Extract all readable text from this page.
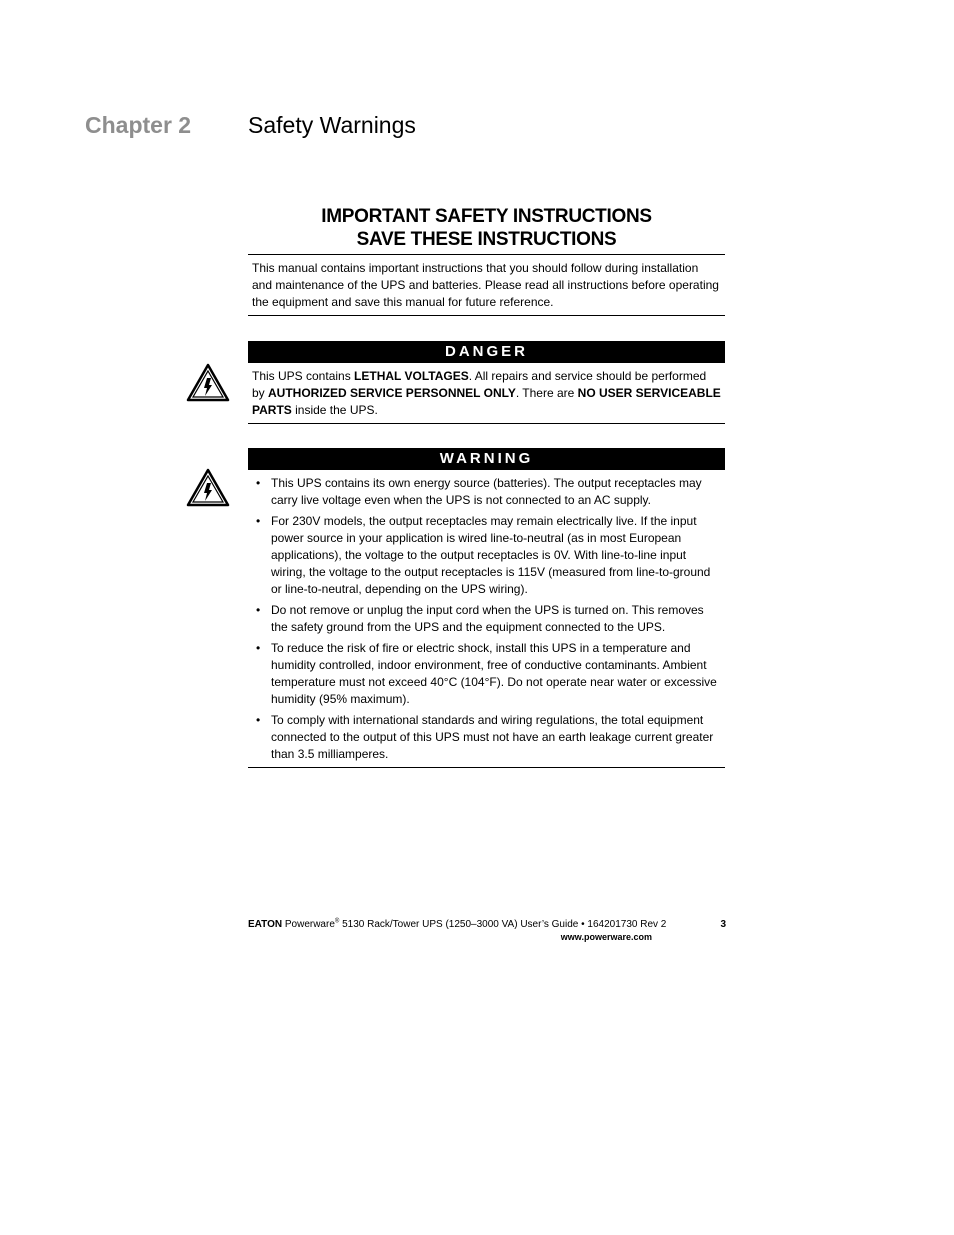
Chapter 2 Safety Warnings
IMPORTANT SAFETY INSTRUCTIONS
SAVE THESE INSTRUCTIONS
This manual contains important instructions that you should follow during installation and maintenance of the UPS and batteries. Please read all instructions before operating the equipment and save this manual for future reference.
DANGER
This UPS contains LETHAL VOLTAGES. All repairs and service should be performed by AUTHORIZED SERVICE PERSONNEL ONLY. There are NO USER SERVICEABLE PARTS inside the UPS.
WARNING
• This UPS contains its own energy source (batteries). The output receptacles may carry live voltage even when the UPS is not connected to an AC supply.
• For 230V models, the output receptacles may remain electrically live. If the input power source in your application is wired line-to-neutral (as in most European applications), the voltage to the output receptacles is 0V. With line-to-line input wiring, the voltage to the output receptacles is 115V (measured from line-to-ground or line-to-neutral, depending on the UPS wiring).
• Do not remove or unplug the input cord when the UPS is turned on. This removes the safety ground from the UPS and the equipment connected to the UPS.
• To reduce the risk of fire or electric shock, install this UPS in a temperature and humidity controlled, indoor environment, free of conductive contaminants. Ambient temperature must not exceed 40°C (104°F). Do not operate near water or excessive humidity (95% maximum).
• To comply with international standards and wiring regulations, the total equipment connected to the output of this UPS must not have an earth leakage current greater than 3.5 milliamperes.
EATON Powerware® 5130 Rack/Tower UPS (1250–3000 VA) User’s Guide • 164201730 Rev 2
www.powerware.com
3
